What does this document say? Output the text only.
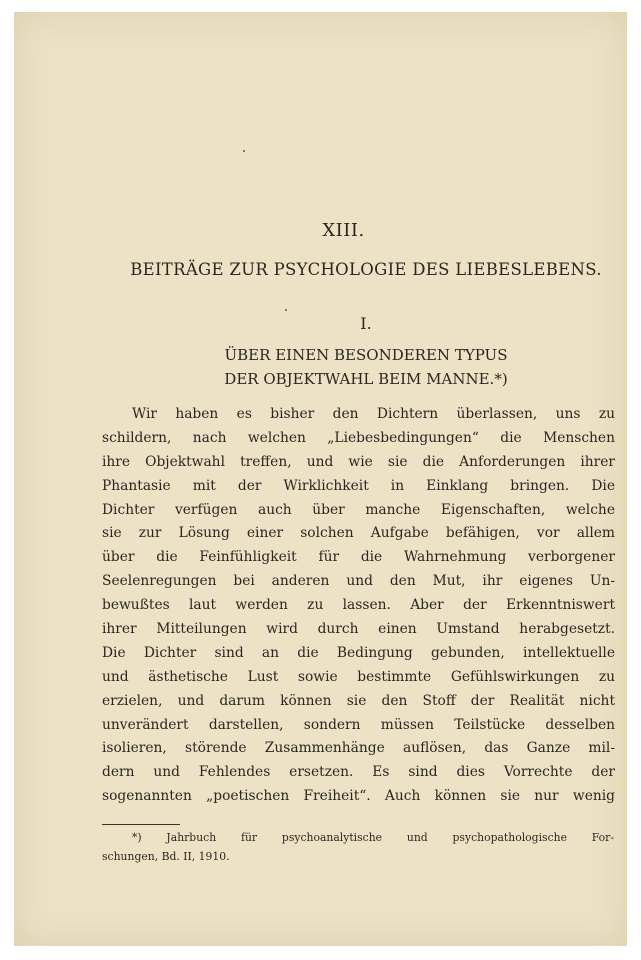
XIII.
BEITRÄGE ZUR PSYCHOLOGIE DES LIEBESLEBENS.
I.
ÜBER EINEN BESONDEREN TYPUS
DER OBJEKTWAHL BEIM MANNE.*)
Wir haben es bisher den Dichtern überlassen, uns zu
schildern, nach welchen „Liebesbedingungen“ die Menschen
ihre Objektwahl treffen, und wie sie die Anforderungen ihrer
Phantasie mit der Wirklichkeit in Einklang bringen. Die
Dichter verfügen auch über manche Eigenschaften, welche
sie zur Lösung einer solchen Aufgabe befähigen, vor allem
über die Feinfühligkeit für die Wahrnehmung verborgener
Seelenregungen bei anderen und den Mut, ihr eigenes Un-
bewußtes laut werden zu lassen. Aber der Erkenntniswert
ihrer Mitteilungen wird durch einen Umstand herabgesetzt.
Die Dichter sind an die Bedingung gebunden, intellektuelle
und ästhetische Lust sowie bestimmte Gefühlswirkungen zu
erzielen, und darum können sie den Stoff der Realität nicht
unverändert darstellen, sondern müssen Teilstücke desselben
isolieren, störende Zusammenhänge auflösen, das Ganze mil-
dern und Fehlendes ersetzen. Es sind dies Vorrechte der
sogenannten „poetischen Freiheit“. Auch können sie nur wenig
*) Jahrbuch für psychoanalytische und psychopathologische For-
schungen, Bd. II, 1910.
